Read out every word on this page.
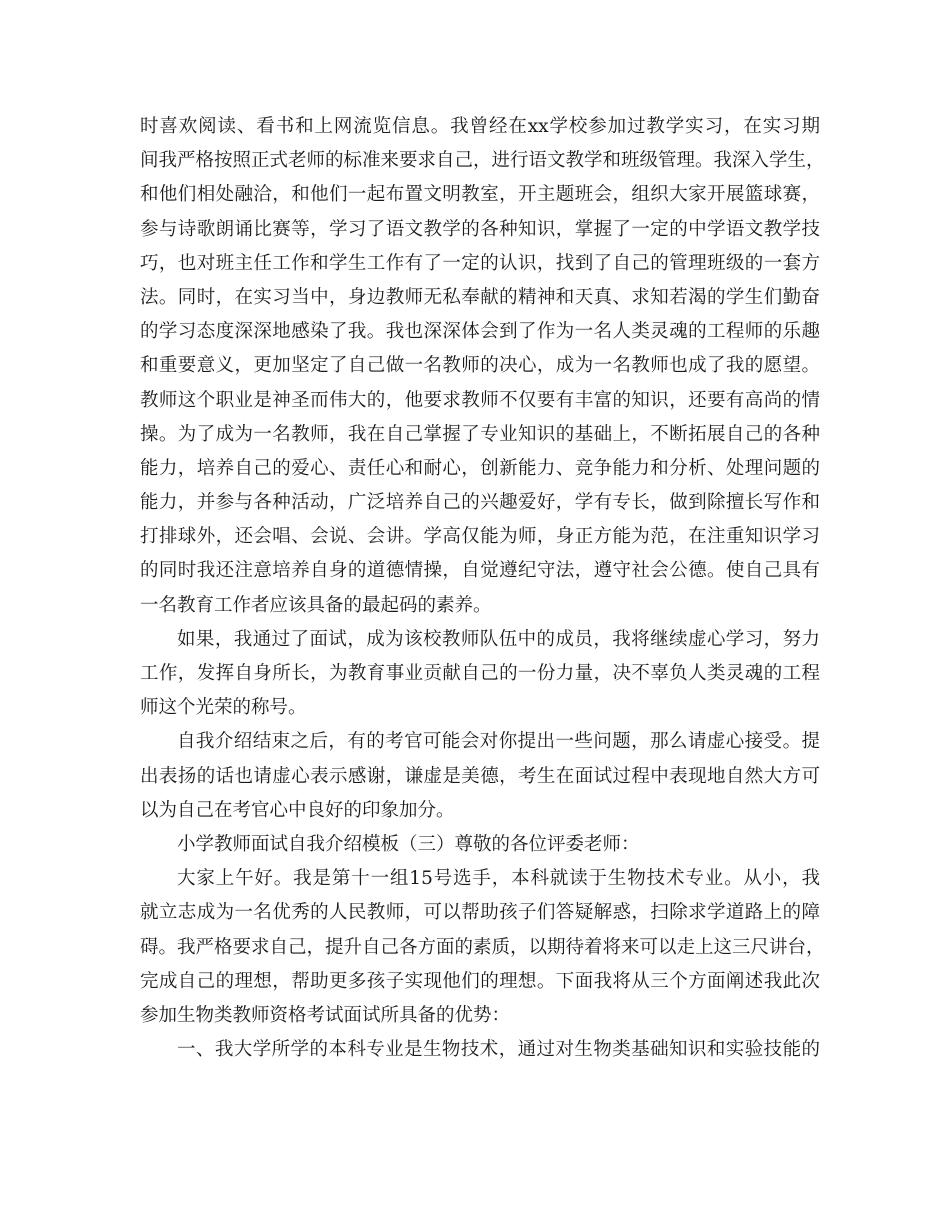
时喜欢阅读、看书和上网流览信息。我曾经在xx学校参加过教学实习，在实习期
间我严格按照正式老师的标准来要求自己，进行语文教学和班级管理。我深入学生，
和他们相处融洽，和他们一起布置文明教室，开主题班会，组织大家开展篮球赛，
参与诗歌朗诵比赛等，学习了语文教学的各种知识，掌握了一定的中学语文教学技
巧，也对班主任工作和学生工作有了一定的认识，找到了自己的管理班级的一套方
法。同时，在实习当中，身边教师无私奉献的精神和天真、求知若渴的学生们勤奋
的学习态度深深地感染了我。我也深深体会到了作为一名人类灵魂的工程师的乐趣
和重要意义，更加坚定了自己做一名教师的决心，成为一名教师也成了我的愿望。
教师这个职业是神圣而伟大的，他要求教师不仅要有丰富的知识，还要有高尚的情
操。为了成为一名教师，我在自己掌握了专业知识的基础上，不断拓展自己的各种
能力，培养自己的爱心、责任心和耐心，创新能力、竞争能力和分析、处理问题的
能力，并参与各种活动，广泛培养自己的兴趣爱好，学有专长，做到除擅长写作和
打排球外，还会唱、会说、会讲。学高仅能为师，身正方能为范，在注重知识学习
的同时我还注意培养自身的道德情操，自觉遵纪守法，遵守社会公德。使自己具有
一名教育工作者应该具备的最起码的素养。
如果，我通过了面试，成为该校教师队伍中的成员，我将继续虚心学习，努力
工作，发挥自身所长，为教育事业贡献自己的一份力量，决不辜负人类灵魂的工程
师这个光荣的称号。
自我介绍结束之后，有的考官可能会对你提出一些问题，那么请虚心接受。提
出表扬的话也请虚心表示感谢，谦虚是美德，考生在面试过程中表现地自然大方可
以为自己在考官心中良好的印象加分。
小学教师面试自我介绍模板（三）尊敬的各位评委老师：
大家上午好。我是第十一组15号选手，本科就读于生物技术专业。从小，我
就立志成为一名优秀的人民教师，可以帮助孩子们答疑解惑，扫除求学道路上的障
碍。我严格要求自己，提升自己各方面的素质，以期待着将来可以走上这三尺讲台，
完成自己的理想，帮助更多孩子实现他们的理想。下面我将从三个方面阐述我此次
参加生物类教师资格考试面试所具备的优势：
一、我大学所学的本科专业是生物技术，通过对生物类基础知识和实验技能的
